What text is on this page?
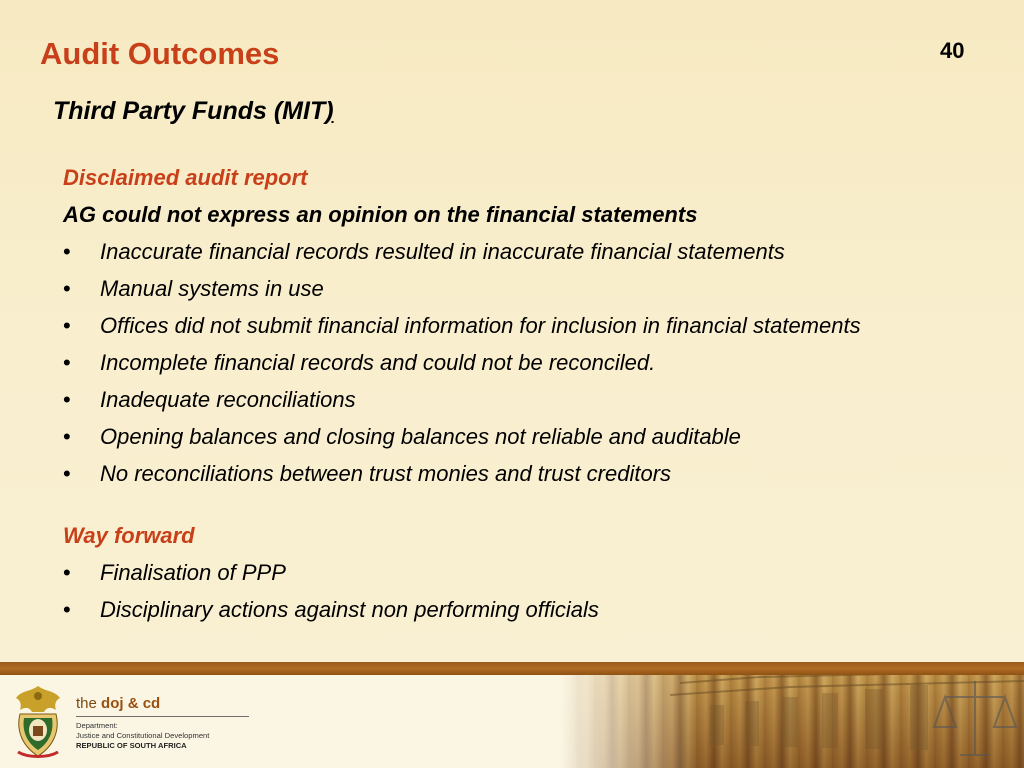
Audit Outcomes	40
Third Party Funds (MIT)
Disclaimed audit report
AG could not express an opinion on the financial statements
• Inaccurate financial records resulted in inaccurate financial statements
• Manual systems in use
• Offices did not submit financial information for inclusion in financial statements
• Incomplete financial records and could not be reconciled.
• Inadequate reconciliations
• Opening balances and closing balances not reliable and auditable
• No reconciliations between trust monies and trust creditors
Way forward
• Finalisation of PPP
• Disciplinary actions against non performing officials
the doj & cd
Department:
Justice and Constitutional Development
REPUBLIC OF SOUTH AFRICA
